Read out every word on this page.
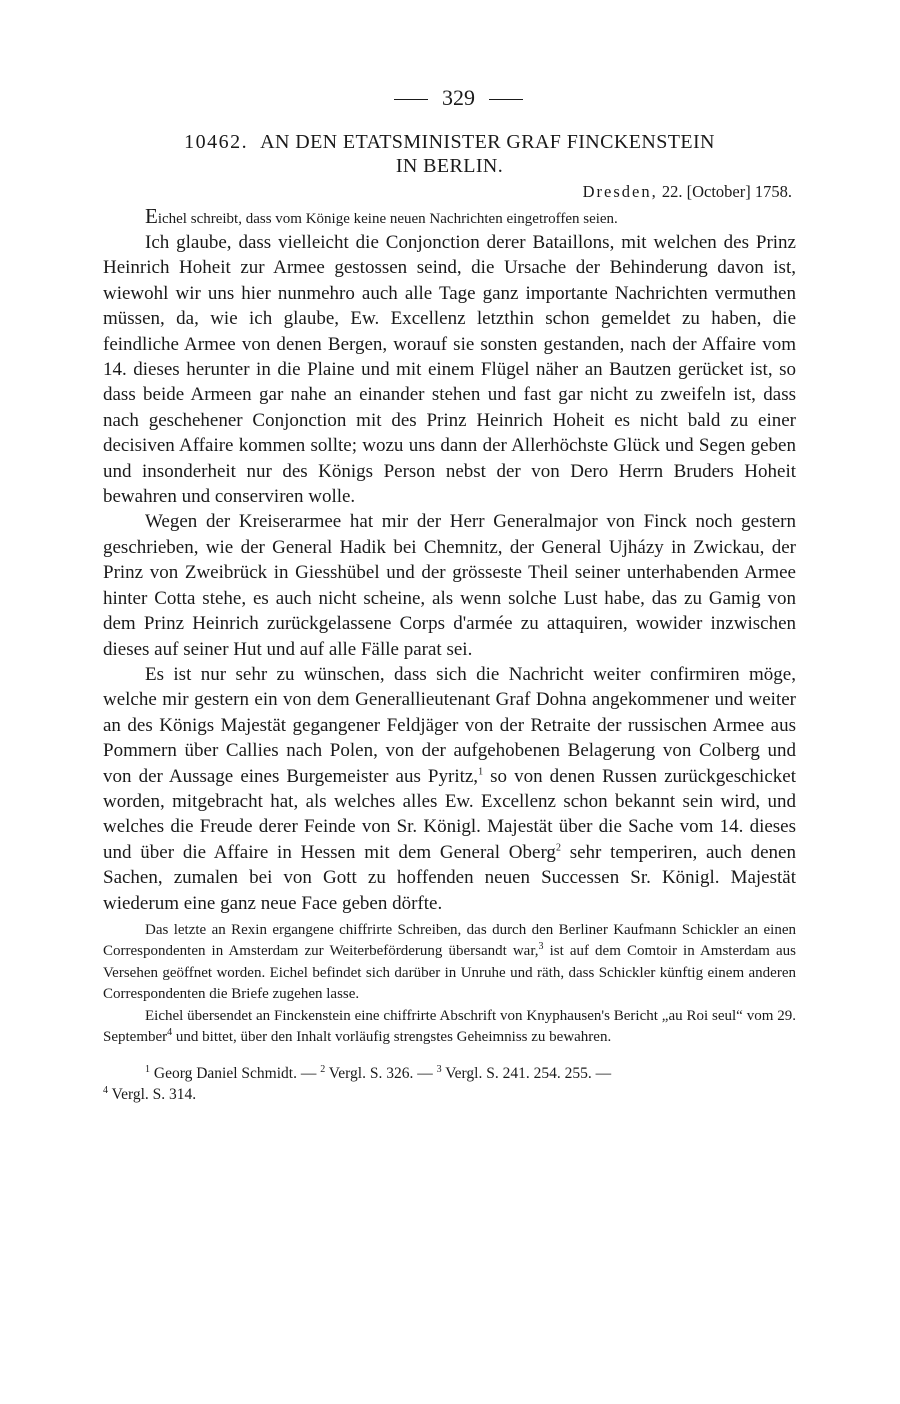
329
10462. AN DEN ETATSMINISTER GRAF FINCKENSTEIN
IN BERLIN.
Dresden, 22. [October] 1758.
Eichel schreibt, dass vom Könige keine neuen Nachrichten eingetroffen seien.

Ich glaube, dass vielleicht die Conjonction derer Bataillons, mit welchen des Prinz Heinrich Hoheit zur Armee gestossen seind, die Ursache der Behinderung davon ist, wiewohl wir uns hier nunmehro auch alle Tage ganz importante Nachrichten vermuthen müssen, da, wie ich glaube, Ew. Excellenz letzthin schon gemeldet zu haben, die feindliche Armee von denen Bergen, worauf sie sonsten gestanden, nach der Affaire vom 14. dieses herunter in die Plaine und mit einem Flügel näher an Bautzen gerücket ist, so dass beide Armeen gar nahe an einander stehen und fast gar nicht zu zweifeln ist, dass nach geschehener Conjonction mit des Prinz Heinrich Hoheit es nicht bald zu einer decisiven Affaire kommen sollte; wozu uns dann der Allerhöchste Glück und Segen geben und insonderheit nur des Königs Person nebst der von Dero Herrn Bruders Hoheit bewahren und conserviren wolle.

Wegen der Kreiserarmee hat mir der Herr Generalmajor von Finck noch gestern geschrieben, wie der General Hadik bei Chemnitz, der General Ujházy in Zwickau, der Prinz von Zweibrück in Giesshübel und der grösseste Theil seiner unterhabenden Armee hinter Cotta stehe, es auch nicht scheine, als wenn solche Lust habe, das zu Gamig von dem Prinz Heinrich zurückgelassene Corps d'armée zu attaquiren, wowider inzwischen dieses auf seiner Hut und auf alle Fälle parat sei.

Es ist nur sehr zu wünschen, dass sich die Nachricht weiter confirmiren möge, welche mir gestern ein von dem Generallieutenant Graf Dohna angekommener und weiter an des Königs Majestät gegangener Feldjäger von der Retraite der russischen Armee aus Pommern über Callies nach Polen, von der aufgehobenen Belagerung von Colberg und von der Aussage eines Burgemeister aus Pyritz,$^1$ so von denen Russen zurückgeschicket worden, mitgebracht hat, als welches alles Ew. Excellenz schon bekannt sein wird, und welches die Freude derer Feinde von Sr. Königl. Majestät über die Sache vom 14. dieses und über die Affaire in Hessen mit dem General Oberg$^2$ sehr temperiren, auch denen Sachen, zumalen bei von Gott zu hoffenden neuen Successen Sr. Königl. Majestät wiederum eine ganz neue Face geben dörfte.

Das letzte an Rexin ergangene chiffrirte Schreiben, das durch den Berliner Kaufmann Schickler an einen Correspondenten in Amsterdam zur Weiterbeförderung übersandt war,$^3$ ist auf dem Comtoir in Amsterdam aus Versehen geöffnet worden. Eichel befindet sich darüber in Unruhe und räth, dass Schickler künftig einem anderen Correspondenten die Briefe zugehen lasse.

Eichel übersendet an Finckenstein eine chiffrirte Abschrift von Knyphausen's Bericht „au Roi seul“ vom 29. September$^4$ und bittet, über den Inhalt vorläufig strengstes Geheimniss zu bewahren.

$^1$ Georg Daniel Schmidt. — $^2$ Vergl. S. 326. — $^3$ Vergl. S. 241. 254. 255. —
$^4$ Vergl. S. 314.
